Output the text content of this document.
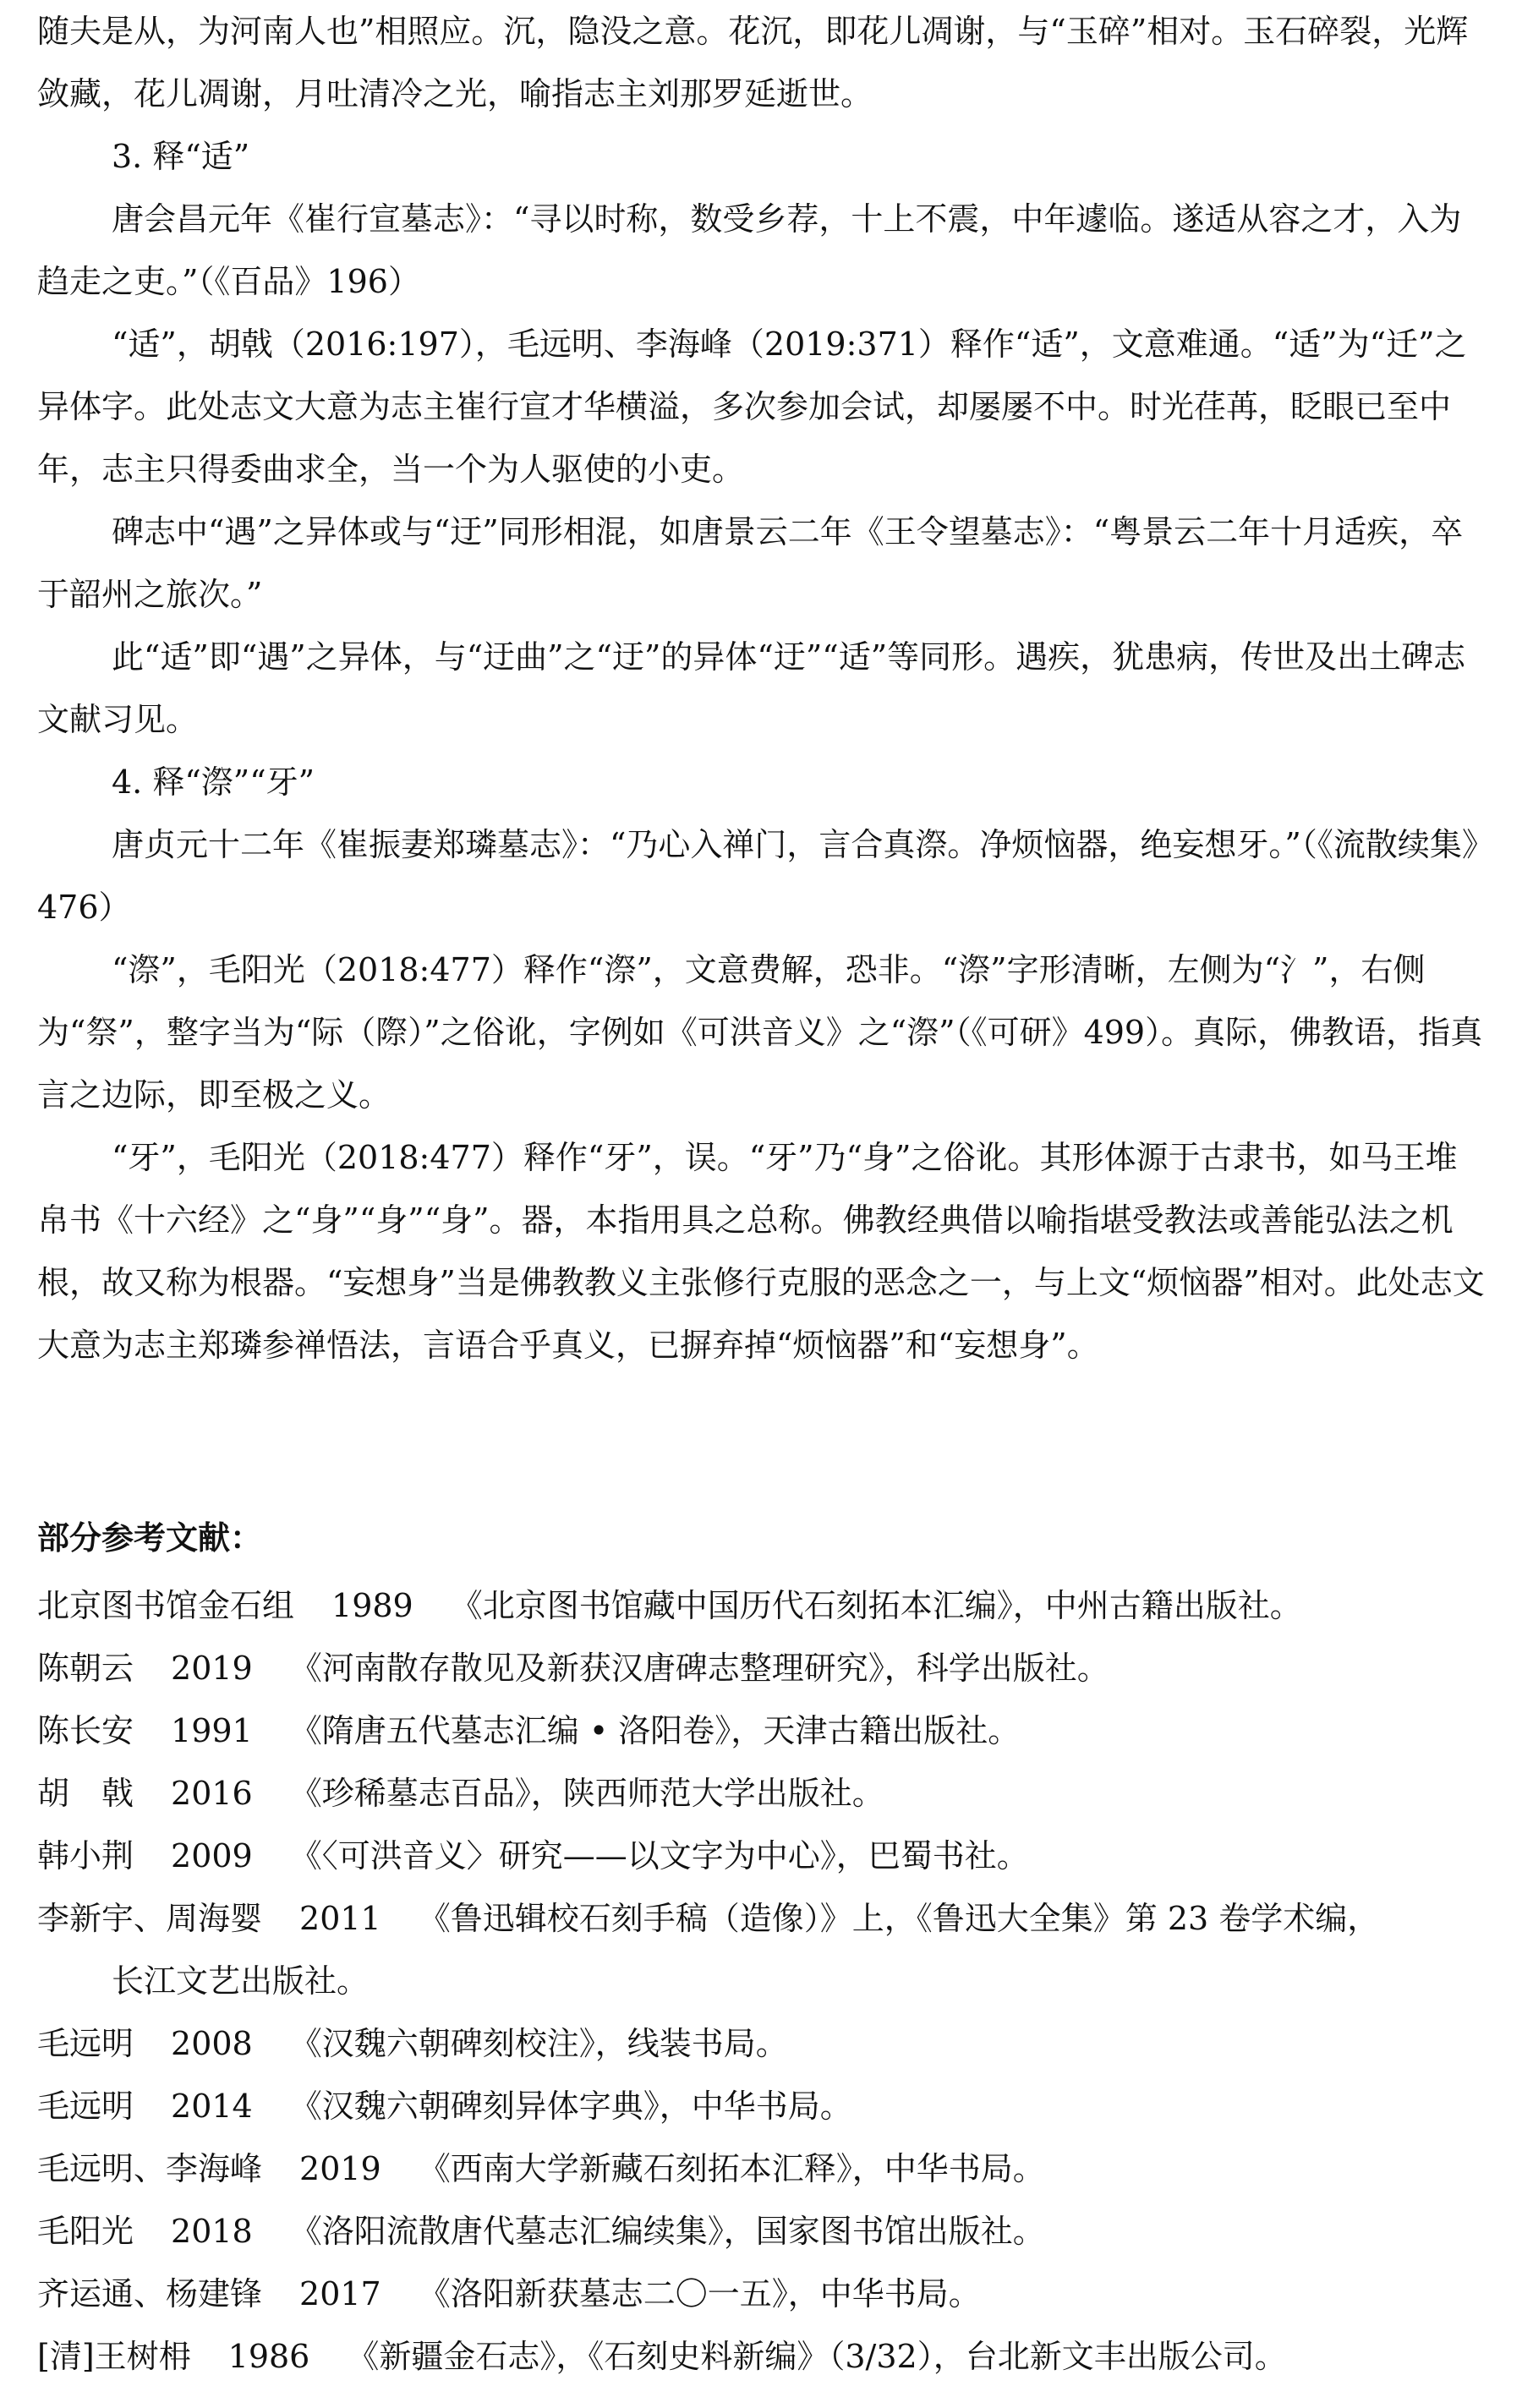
随夫是从，为河南人也”相照应。沉，隐没之意。花沉，即花儿凋谢，与“玉碎”相对。玉石碎裂，光辉敛藏，花儿凋谢，月吐清冷之光，喻指志主刘那罗延逝世。
3. 释“适”
唐会昌元年《崔行宣墓志》：“寻以时称，数受乡荐，十上不震，中年遽临。遂适从容之才，入为趋走之吏。”（《百品》196）
“适”，胡戟（2016:197），毛远明、李海峰（2019:371）释作“适”，文意难通。“适”为“迁”之异体字。此处志文大意为志主崔行宣才华横溢，多次参加会试，却屡屡不中。时光荏苒，眨眼已至中年，志主只得委曲求全，当一个为人驱使的小吏。
碑志中“遇”之异体或与“迂”同形相混，如唐景云二年《王令望墓志》：“粤景云二年十月适疾，卒于韶州之旅次。”
此“适”即“遇”之异体，与“迂曲”之“迂”的异体“迂”“适”等同形。遇疾，犹患病，传世及出土碑志文献习见。
4. 释“漈”“牙”
唐贞元十二年《崔振妻郑璘墓志》：“乃心入禅门，言合真漈。净烦恼器，绝妄想牙。”（《流散续集》476）
“漈”，毛阳光（2018:477）释作“漈”，文意费解，恐非。“漈”字形清晰，左侧为“氵”，右侧为“祭”，整字当为“际（際）”之俗讹，字例如《可洪音义》之“漈”（《可研》499）。真际，佛教语，指真言之边际，即至极之义。
“牙”，毛阳光（2018:477）释作“牙”，误。“牙”乃“身”之俗讹。其形体源于古隶书，如马王堆帛书《十六经》之“身”“身”“身”。器，本指用具之总称。佛教经典借以喻指堪受教法或善能弘法之机根，故又称为根器。“妄想身”当是佛教教义主张修行克服的恶念之一，与上文“烦恼器”相对。此处志文大意为志主郑璘参禅悟法，言语合乎真义，已摒弃掉“烦恼器”和“妄想身”。
部分参考文献：
北京图书馆金石组 1989 《北京图书馆藏中国历代石刻拓本汇编》，中州古籍出版社。
陈朝云 2019 《河南散存散见及新获汉唐碑志整理研究》，科学出版社。
陈长安 1991 《隋唐五代墓志汇编 • 洛阳卷》，天津古籍出版社。
胡　戟 2016 《珍稀墓志百品》，陕西师范大学出版社。
韩小荆 2009 《〈可洪音义〉研究——以文字为中心》，巴蜀书社。
李新宇、周海婴 2011 《鲁迅辑校石刻手稿（造像）》上，《鲁迅大全集》第 23 卷学术编，
长江文艺出版社。
毛远明 2008 《汉魏六朝碑刻校注》，线装书局。
毛远明 2014 《汉魏六朝碑刻异体字典》，中华书局。
毛远明、李海峰 2019 《西南大学新藏石刻拓本汇释》，中华书局。
毛阳光 2018 《洛阳流散唐代墓志汇编续集》，国家图书馆出版社。
齐运通、杨建锋 2017 《洛阳新获墓志二〇一五》，中华书局。
[清]王树枏 1986 《新疆金石志》，《石刻史料新编》（3/32），台北新文丰出版公司。
